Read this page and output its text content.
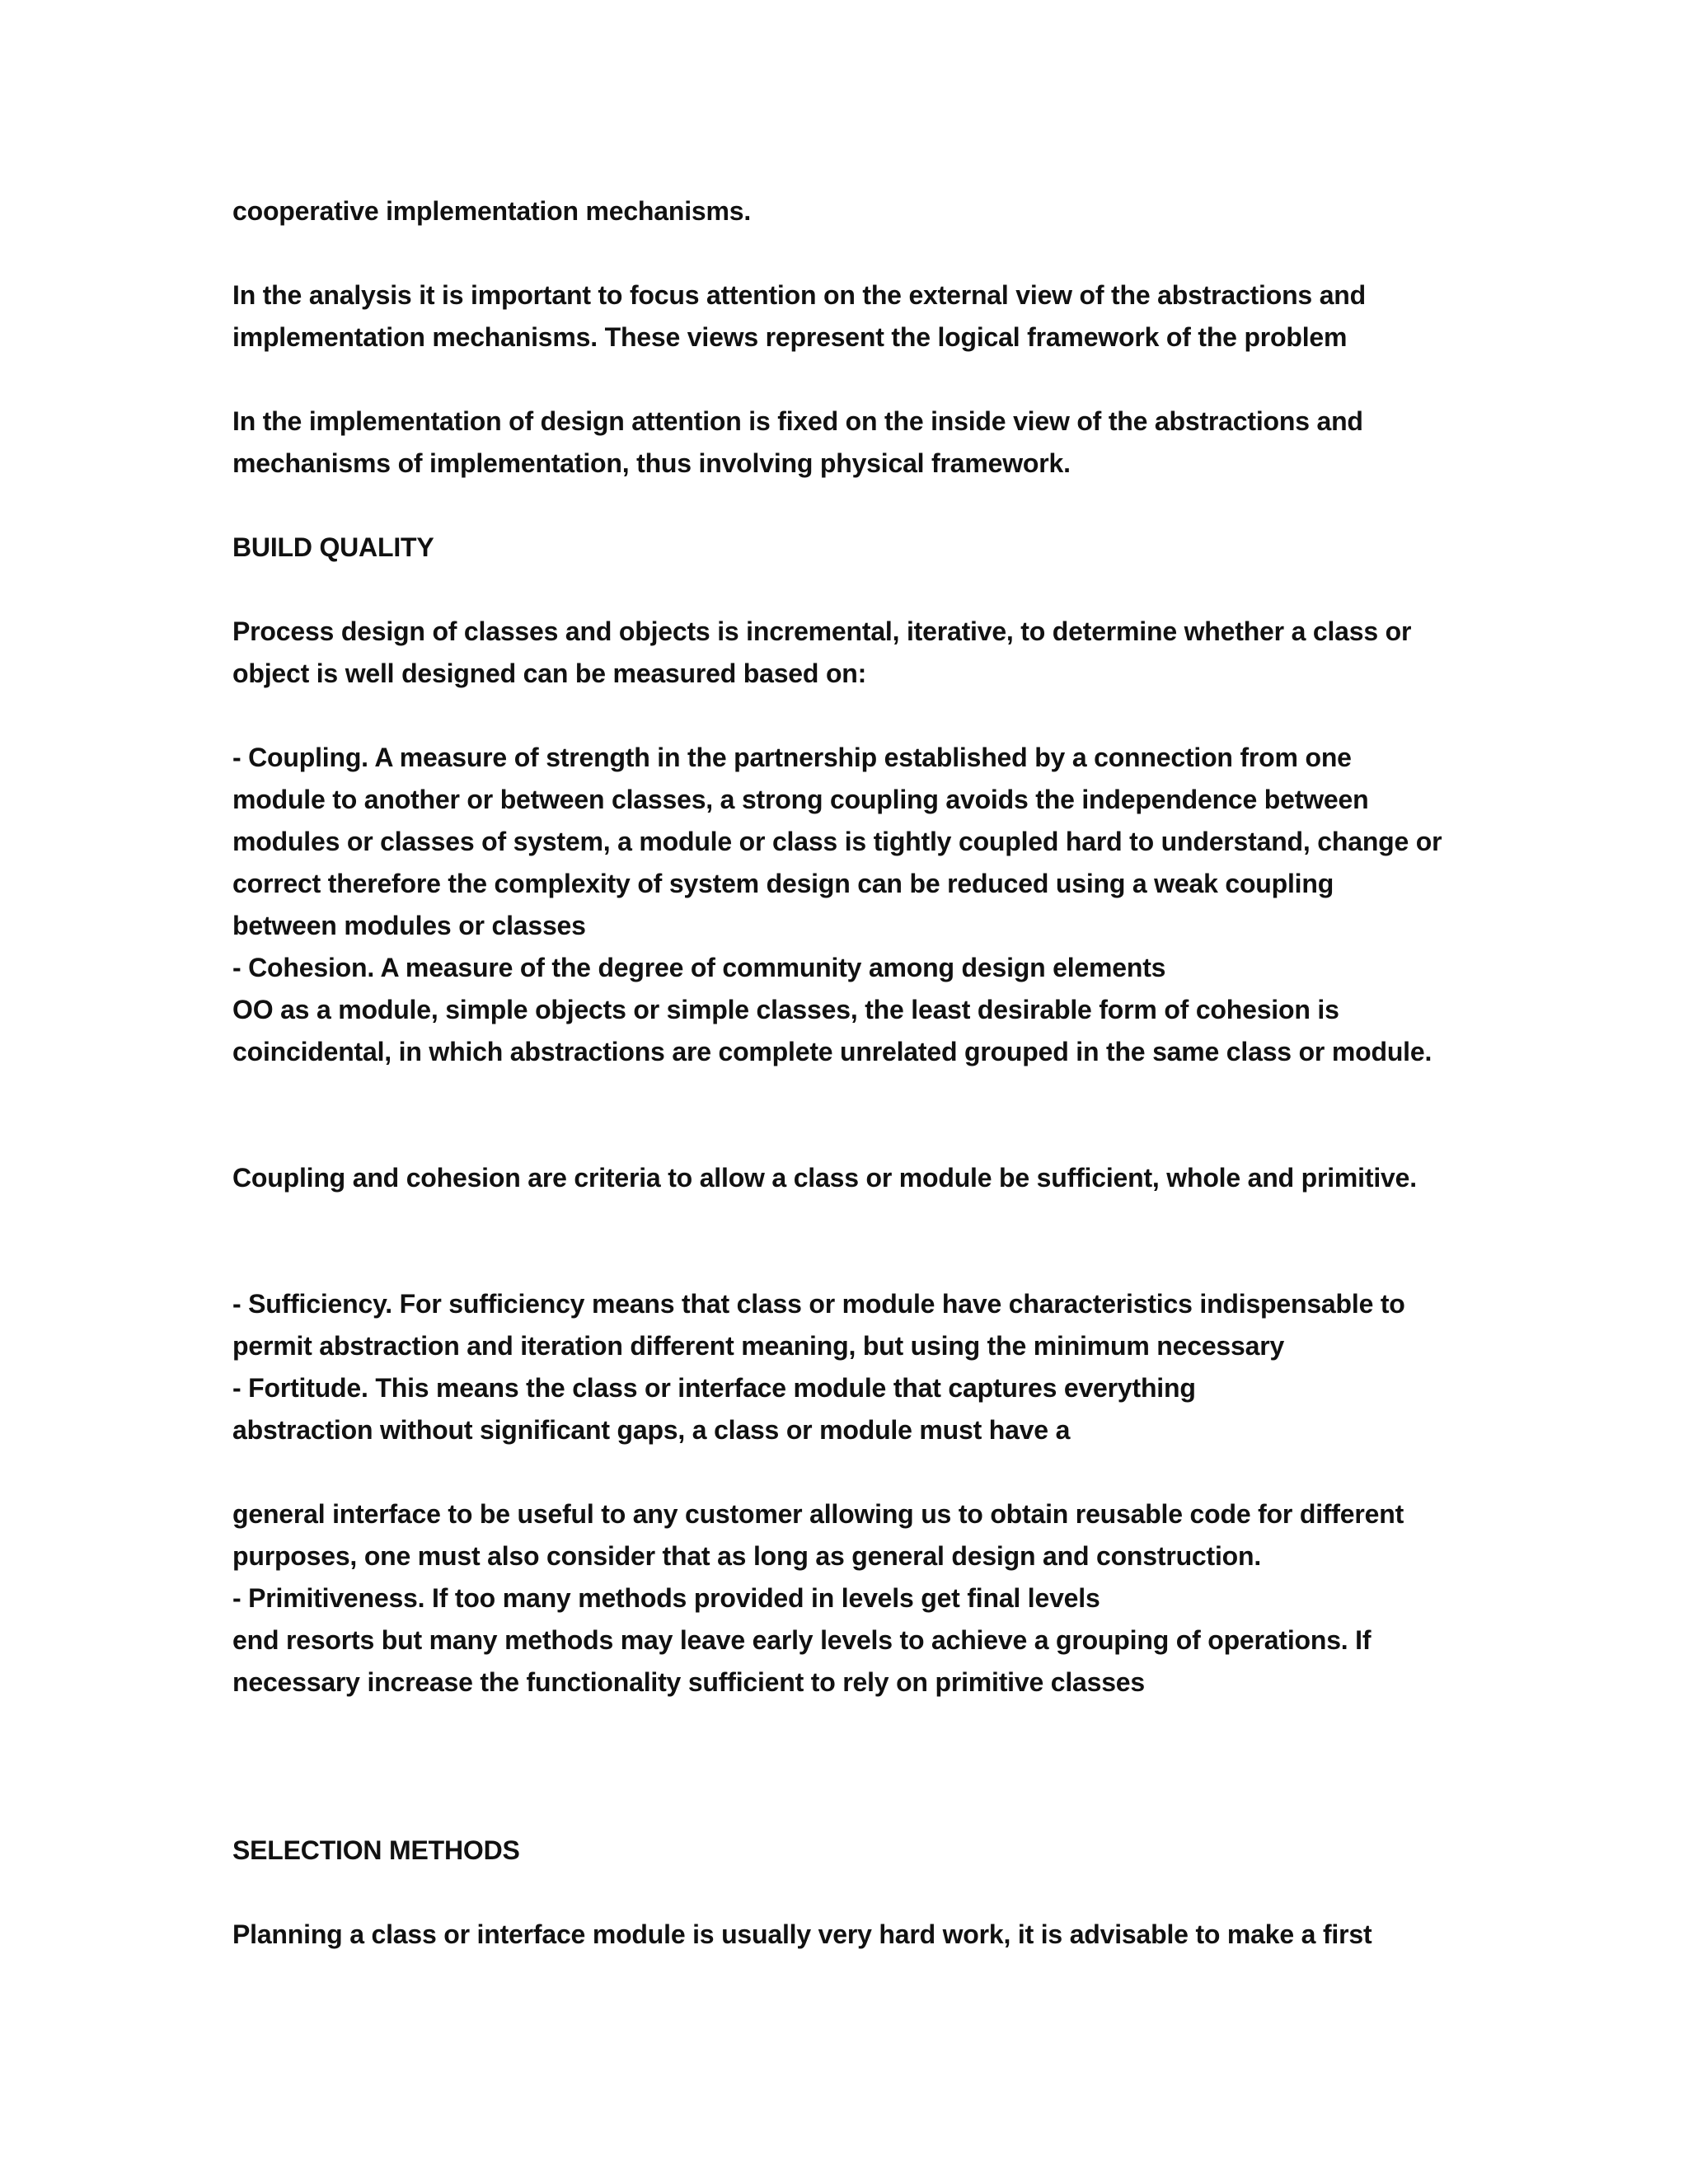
cooperative implementation mechanisms.
In the analysis it is important to focus attention on the external view of the abstractions and
implementation mechanisms. These views represent the logical framework of the problem
In the implementation of design attention is fixed on the inside view of the abstractions and
mechanisms of implementation, thus involving physical framework.
BUILD QUALITY
Process design of classes and objects is incremental, iterative, to determine whether a class or
object is well designed can be measured based on:
- Coupling. A measure of strength in the partnership established by a connection from one
module to another or between classes, a strong coupling avoids the independence between
modules or classes of system, a module or class is tightly coupled hard to understand, change or
correct therefore the complexity of system design can be reduced using a weak coupling
between modules or classes
- Cohesion. A measure of the degree of community among design elements
OO as a module, simple objects or simple classes, the least desirable form of cohesion is
coincidental, in which abstractions are complete unrelated grouped in the same class or module.
Coupling and cohesion are criteria to allow a class or module be sufficient, whole and primitive.
- Sufficiency. For sufficiency means that class or module have characteristics indispensable to
permit abstraction and iteration different meaning, but using the minimum necessary
- Fortitude. This means the class or interface module that captures everything
abstraction without significant gaps, a class or module must have a
general interface to be useful to any customer allowing us to obtain reusable code for different
purposes, one must also consider that as long as general design and construction.
- Primitiveness. If too many methods provided in levels get final levels
end resorts but many methods may leave early levels to achieve a grouping of operations. If
necessary increase the functionality sufficient to rely on primitive classes
SELECTION METHODS
Planning a class or interface module is usually very hard work, it is advisable to make a first
